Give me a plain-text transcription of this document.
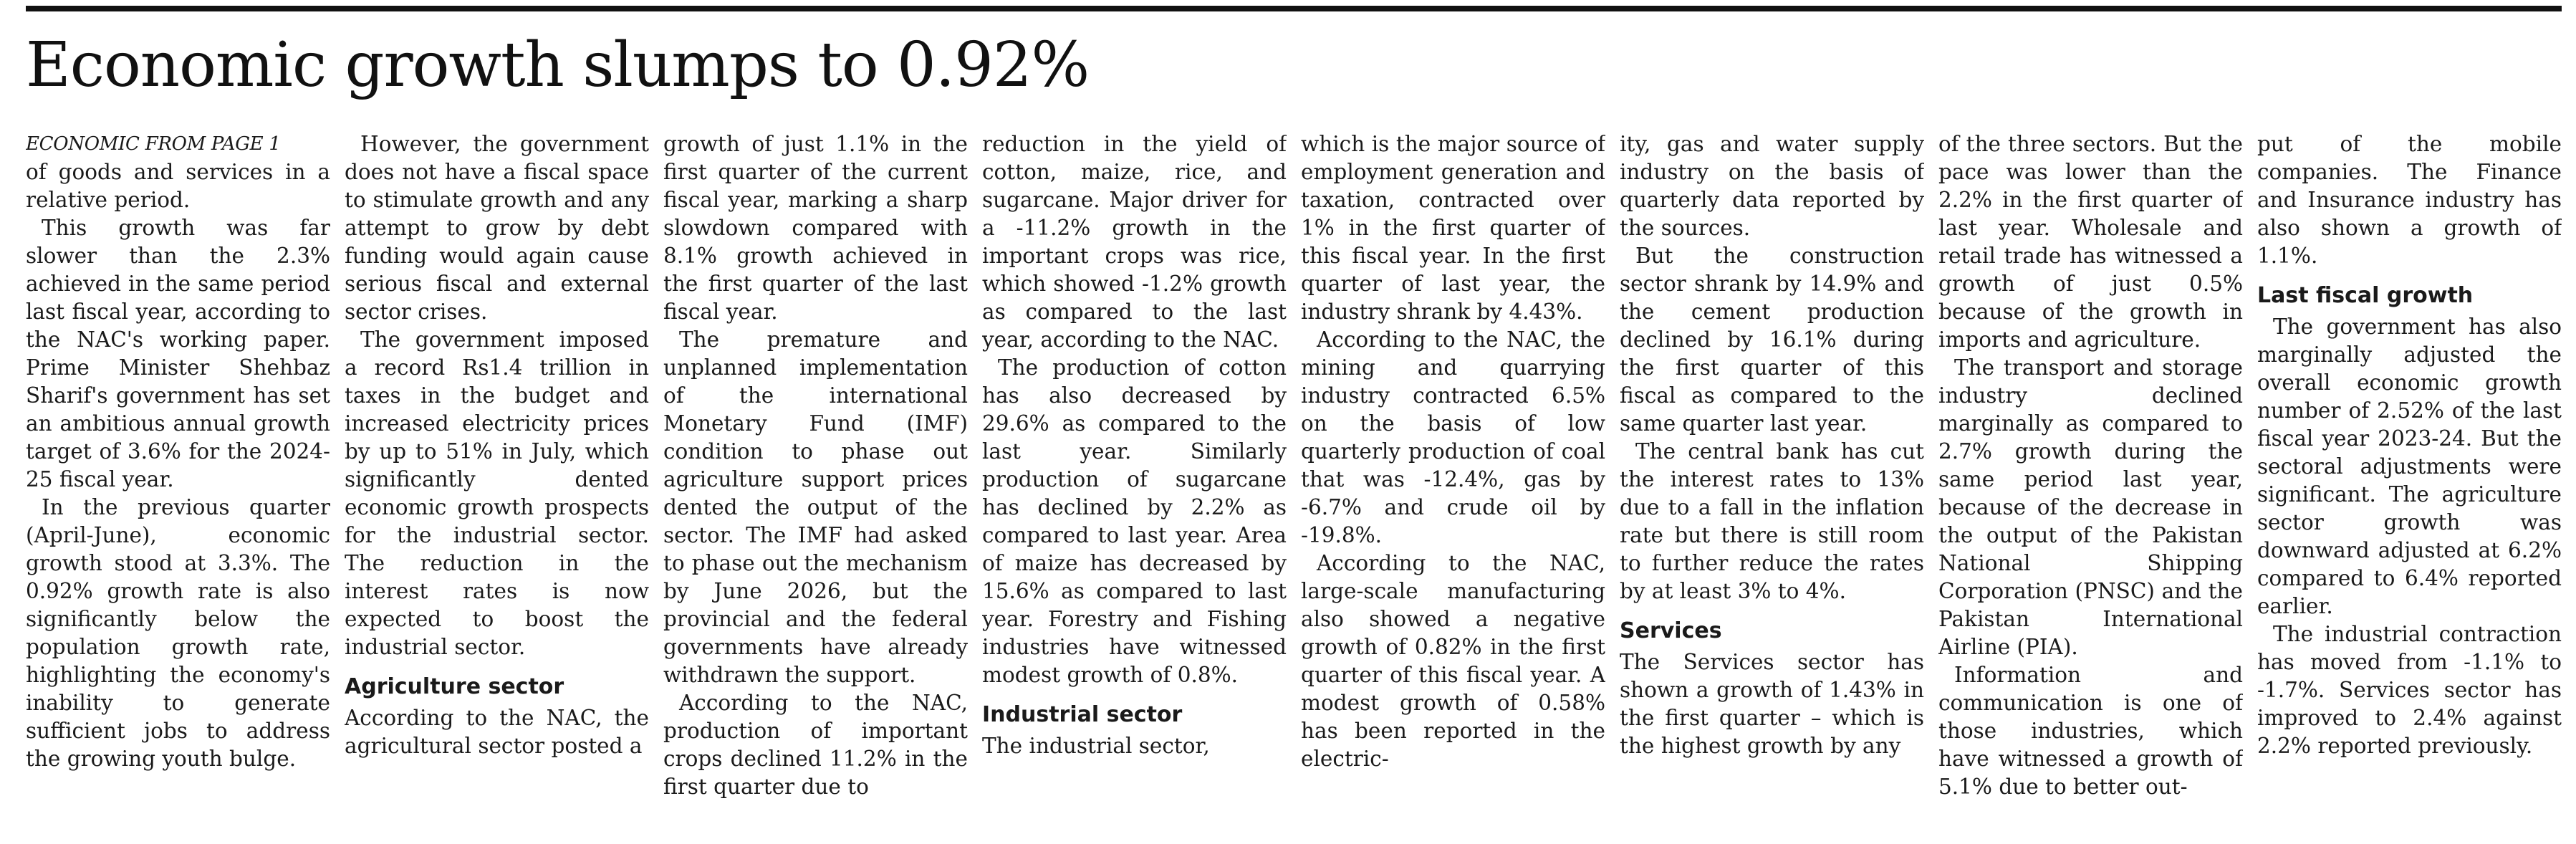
Economic growth slumps to 0.92%

ECONOMIC FROM PAGE 1

of goods and services in a relative period.

This growth was far slower than the 2.3% achieved in the same period last fiscal year, according to the NAC's working paper. Prime Minister Shehbaz Sharif's government has set an ambitious annual growth target of 3.6% for the 2024-25 fiscal year.

In the previous quarter (April-June), economic growth stood at 3.3%. The 0.92% growth rate is also significantly below the population growth rate, highlighting the economy's inability to generate sufficient jobs to address the growing youth bulge.

However, the government does not have a fiscal space to stimulate growth and any attempt to grow by debt funding would again cause serious fiscal and external sector crises.

The government imposed a record Rs1.4 trillion in taxes in the budget and increased electricity prices by up to 51% in July, which significantly dented economic growth prospects for the industrial sector. The reduction in the interest rates is now expected to boost the industrial sector.

Agriculture sector

According to the NAC, the agricultural sector posted a

growth of just 1.1% in the first quarter of the current fiscal year, marking a sharp slowdown compared with 8.1% growth achieved in the first quarter of the last fiscal year.

The premature and unplanned implementation of the international Monetary Fund (IMF) condition to phase out agriculture support prices dented the output of the sector. The IMF had asked to phase out the mechanism by June 2026, but the provincial and the federal governments have already withdrawn the support.

According to the NAC, production of important crops declined 11.2% in the first quarter due to

reduction in the yield of cotton, maize, rice, and sugarcane. Major driver for a -11.2% growth in the important crops was rice, which showed -1.2% growth as compared to the last year, according to the NAC.

The production of cotton has also decreased by 29.6% as compared to the last year. Similarly production of sugarcane has declined by 2.2% as compared to last year. Area of maize has decreased by 15.6% as compared to last year. Forestry and Fishing industries have witnessed modest growth of 0.8%.

Industrial sector

The industrial sector,

which is the major source of employment generation and taxation, contracted over 1% in the first quarter of this fiscal year. In the first quarter of last year, the industry shrank by 4.43%.

According to the NAC, the mining and quarrying industry contracted 6.5% on the basis of low quarterly production of coal that was -12.4%, gas by -6.7% and crude oil by -19.8%.

According to the NAC, large-scale manufacturing also showed a negative growth of 0.82% in the first quarter of this fiscal year. A modest growth of 0.58% has been reported in the electric-

ity, gas and water supply industry on the basis of quarterly data reported by the sources.

But the construction sector shrank by 14.9% and the cement production declined by 16.1% during the first quarter of this fiscal as compared to the same quarter last year.

The central bank has cut the interest rates to 13% due to a fall in the inflation rate but there is still room to further reduce the rates by at least 3% to 4%.

Services

The Services sector has shown a growth of 1.43% in the first quarter – which is the highest growth by any

of the three sectors. But the pace was lower than the 2.2% in the first quarter of last year. Wholesale and retail trade has witnessed a growth of just 0.5% because of the growth in imports and agriculture.

The transport and storage industry declined marginally as compared to 2.7% growth during the same period last year, because of the decrease in the output of the Pakistan National Shipping Corporation (PNSC) and the Pakistan International Airline (PIA).

Information and communication is one of those industries, which have witnessed a growth of 5.1% due to better out-

put of the mobile companies. The Finance and Insurance industry has also shown a growth of 1.1%.

Last fiscal growth

The government has also marginally adjusted the overall economic growth number of 2.52% of the last fiscal year 2023-24. But the sectoral adjustments were significant. The agriculture sector growth was downward adjusted at 6.2% compared to 6.4% reported earlier.

The industrial contraction has moved from -1.1% to -1.7%. Services sector has improved to 2.4% against 2.2% reported previously.
